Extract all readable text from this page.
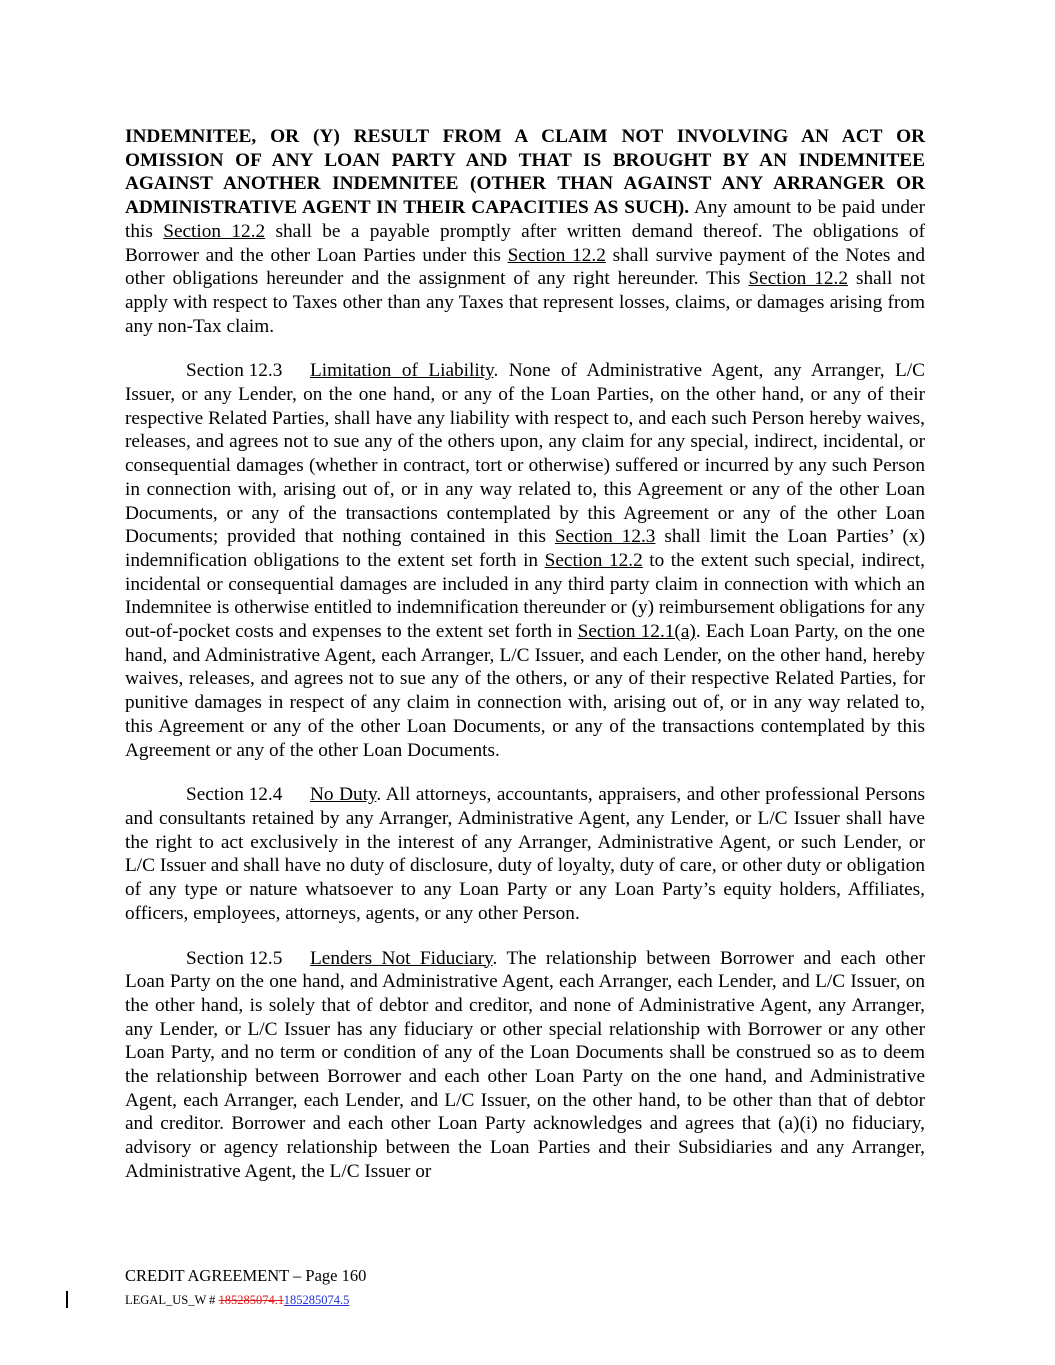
INDEMNITEE, OR (Y) RESULT FROM A CLAIM NOT INVOLVING AN ACT OR OMISSION OF ANY LOAN PARTY AND THAT IS BROUGHT BY AN INDEMNITEE AGAINST ANOTHER INDEMNITEE (OTHER THAN AGAINST ANY ARRANGER OR ADMINISTRATIVE AGENT IN THEIR CAPACITIES AS SUCH). Any amount to be paid under this Section 12.2 shall be a payable promptly after written demand thereof. The obligations of Borrower and the other Loan Parties under this Section 12.2 shall survive payment of the Notes and other obligations hereunder and the assignment of any right hereunder. This Section 12.2 shall not apply with respect to Taxes other than any Taxes that represent losses, claims, or damages arising from any non-Tax claim.

Section 12.3 Limitation of Liability. None of Administrative Agent, any Arranger, L/C Issuer, or any Lender, on the one hand, or any of the Loan Parties, on the other hand, or any of their respective Related Parties, shall have any liability with respect to, and each such Person hereby waives, releases, and agrees not to sue any of the others upon, any claim for any special, indirect, incidental, or consequential damages (whether in contract, tort or otherwise) suffered or incurred by any such Person in connection with, arising out of, or in any way related to, this Agreement or any of the other Loan Documents, or any of the transactions contemplated by this Agreement or any of the other Loan Documents; provided that nothing contained in this Section 12.3 shall limit the Loan Parties’ (x) indemnification obligations to the extent set forth in Section 12.2 to the extent such special, indirect, incidental or consequential damages are included in any third party claim in connection with which an Indemnitee is otherwise entitled to indemnification thereunder or (y) reimbursement obligations for any out-of-pocket costs and expenses to the extent set forth in Section 12.1(a). Each Loan Party, on the one hand, and Administrative Agent, each Arranger, L/C Issuer, and each Lender, on the other hand, hereby waives, releases, and agrees not to sue any of the others, or any of their respective Related Parties, for punitive damages in respect of any claim in connection with, arising out of, or in any way related to, this Agreement or any of the other Loan Documents, or any of the transactions contemplated by this Agreement or any of the other Loan Documents.

Section 12.4 No Duty. All attorneys, accountants, appraisers, and other professional Persons and consultants retained by any Arranger, Administrative Agent, any Lender, or L/C Issuer shall have the right to act exclusively in the interest of any Arranger, Administrative Agent, or such Lender, or L/C Issuer and shall have no duty of disclosure, duty of loyalty, duty of care, or other duty or obligation of any type or nature whatsoever to any Loan Party or any Loan Party’s equity holders, Affiliates, officers, employees, attorneys, agents, or any other Person.

Section 12.5 Lenders Not Fiduciary. The relationship between Borrower and each other Loan Party on the one hand, and Administrative Agent, each Arranger, each Lender, and L/C Issuer, on the other hand, is solely that of debtor and creditor, and none of Administrative Agent, any Arranger, any Lender, or L/C Issuer has any fiduciary or other special relationship with Borrower or any other Loan Party, and no term or condition of any of the Loan Documents shall be construed so as to deem the relationship between Borrower and each other Loan Party on the one hand, and Administrative Agent, each Arranger, each Lender, and L/C Issuer, on the other hand, to be other than that of debtor and creditor. Borrower and each other Loan Party acknowledges and agrees that (a)(i) no fiduciary, advisory or agency relationship between the Loan Parties and their Subsidiaries and any Arranger, Administrative Agent, the L/C Issuer or

CREDIT AGREEMENT – Page 160
LEGAL_US_W # 185285074.1185285074.5
